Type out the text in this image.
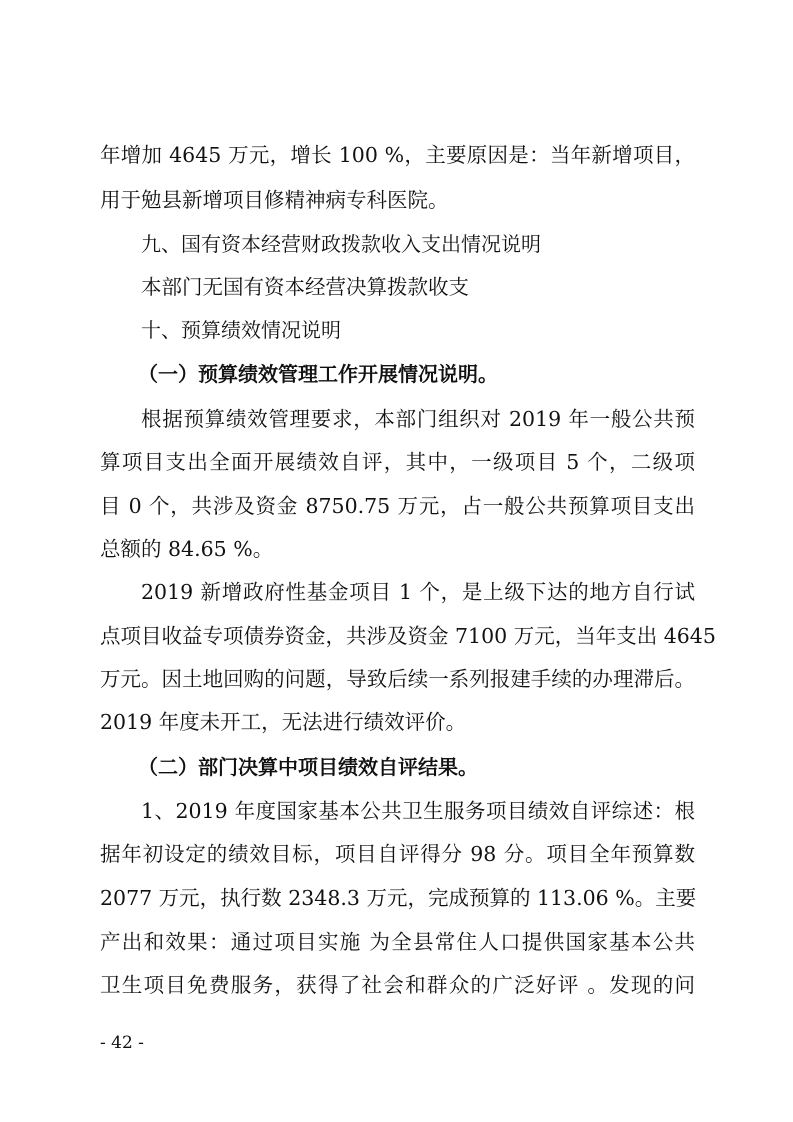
年增加 4645 万元，增长 100 %，主要原因是：当年新增项目，
用于勉县新增项目修精神病专科医院。
九、国有资本经营财政拨款收入支出情况说明
本部门无国有资本经营决算拨款收支
十、预算绩效情况说明
（一）预算绩效管理工作开展情况说明。
根据预算绩效管理要求，本部门组织对 2019 年一般公共预
算项目支出全面开展绩效自评，其中，一级项目 5 个，二级项
目 0 个，共涉及资金 8750.75 万元，占一般公共预算项目支出
总额的 84.65 %。
2019 新增政府性基金项目 1 个，是上级下达的地方自行试
点项目收益专项债券资金，共涉及资金 7100 万元，当年支出 4645
万元。因土地回购的问题，导致后续一系列报建手续的办理滞后。
2019 年度未开工，无法进行绩效评价。
（二）部门决算中项目绩效自评结果。
1、2019 年度国家基本公共卫生服务项目绩效自评综述：根
据年初设定的绩效目标，项目自评得分 98 分。项目全年预算数
2077 万元，执行数 2348.3 万元，完成预算的 113.06 %。主要
产出和效果：通过项目实施 为全县常住人口提供国家基本公共
卫生项目免费服务，获得了社会和群众的广泛好评 。发现的问
- 42 -
